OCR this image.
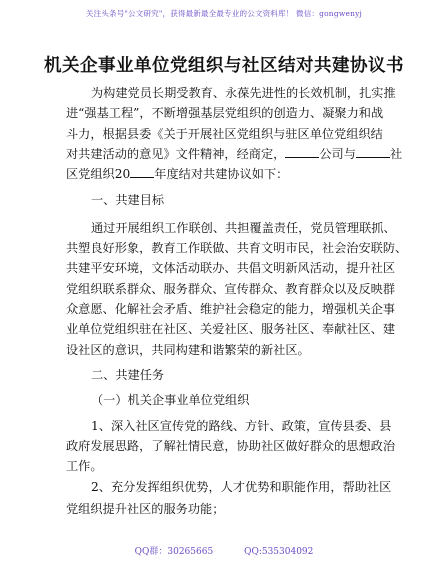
关注头条号"公文研究"，获得最新最全最专业的公文资料库！ 微信：gongwenyj
机关企事业单位党组织与社区结对共建协议书
为构建党员长期受教育、永葆先进性的长效机制，扎实推
进“强基工程”，不断增强基层党组织的创造力、凝聚力和战
斗力，根据县委《关于开展社区党组织与驻区单位党组织结
对共建活动的意见》文件精神，经商定，	公司与	社
区党组织20 年度结对共建协议如下：
一、共建目标
通过开展组织工作联创、共担覆盖责任，党员管理联抓、
共塑良好形象，教育工作联做、共育文明市民，社会治安联防、
共建平安环境，文体活动联办、共倡文明新风活动，提升社区
党组织联系群众、服务群众、宣传群众、教育群众以及反映群
众意愿、化解社会矛盾、维护社会稳定的能力，增强机关企事
业单位党组织驻在社区、关爱社区、服务社区、奉献社区、建
设社区的意识，共同构建和谐繁荣的新社区。
二、共建任务
（一）机关企事业单位党组织
1、深入社区宣传党的路线、方针、政策，宣传县委、县
政府发展思路，了解社情民意，协助社区做好群众的思想政治
工作。
2、充分发挥组织优势，人才优势和职能作用，帮助社区
党组织提升社区的服务功能；
QQ群：30265665	QQ:535304092
